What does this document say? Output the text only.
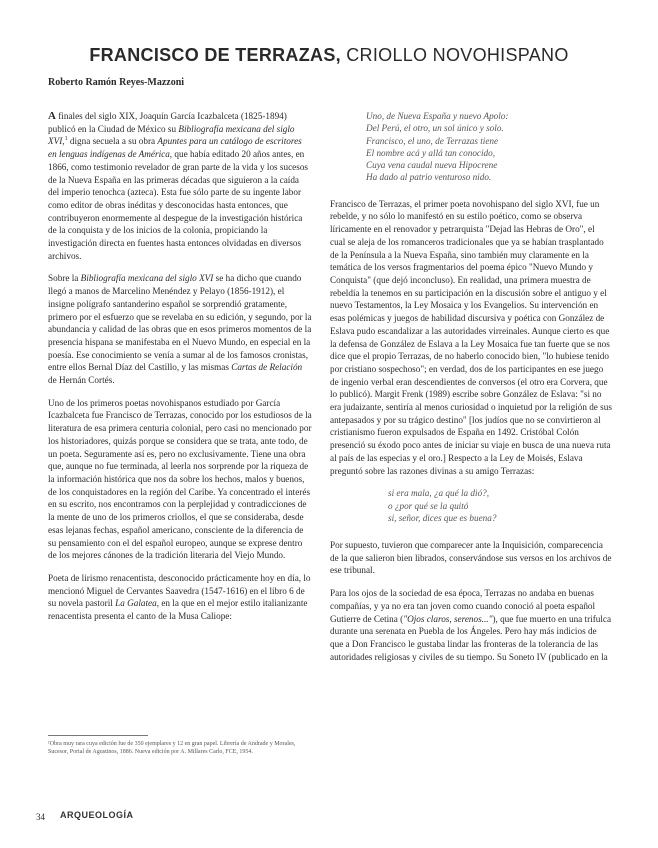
FRANCISCO DE TERRAZAS, CRIOLLO NOVOHISPANO
Roberto Ramón Reyes-Mazzoni

A finales del siglo XIX, Joaquín García Icazbalceta (1825-1894) publicó en la Ciudad de México su Bibliografía mexicana del siglo XVI,$^1$ digna secuela a su obra Apuntes para un catálogo de escritores en lenguas indígenas de América, que había editado 20 años antes, en 1866, como testimonio revelador de gran parte de la vida y los sucesos de la Nueva España en las primeras décadas que siguieron a la caída del imperio tenochca (azteca). Esta fue sólo parte de su ingente labor como editor de obras inéditas y desconocidas hasta entonces, que contribuyeron enormemente al despegue de la investigación histórica de la conquista y de los inicios de la colonia, propiciando la investigación directa en fuentes hasta entonces olvidadas en diversos archivos.

Sobre la Bibliografía mexicana del siglo XVI se ha dicho que cuando llegó a manos de Marcelino Menéndez y Pelayo (1856-1912), el insigne polígrafo santanderino español se sorprendió gratamente, primero por el esfuerzo que se revelaba en su edición, y segundo, por la abundancia y calidad de las obras que en esos primeros momentos de la presencia hispana se manifestaba en el Nuevo Mundo, en especial en la poesía. Ese conocimiento se venía a sumar al de los famosos cronistas, entre ellos Bernal Díaz del Castillo, y las mismas Cartas de Relación de Hernán Cortés.

Uno de los primeros poetas novohispanos estudiado por García Icazbalceta fue Francisco de Terrazas, conocido por los estudiosos de la literatura de esa primera centuria colonial, pero casi no mencionado por los historiadores, quizás porque se considera que se trata, ante todo, de un poeta. Seguramente así es, pero no exclusivamente. Tiene una obra que, aunque no fue terminada, al leerla nos sorprende por la riqueza de la información histórica que nos da sobre los hechos, malos y buenos, de los conquistadores en la región del Caribe. Ya concentrado el interés en su escrito, nos encontramos con la perplejidad y contradicciones de la mente de uno de los primeros criollos, el que se consideraba, desde esas lejanas fechas, español americano, consciente de la diferencia de su pensamiento con el del español europeo, aunque se exprese dentro de los mejores cánones de la tradición literaria del Viejo Mundo.

Poeta de lirismo renacentista, desconocido prácticamente hoy en día, lo mencionó Miguel de Cervantes Saavedra (1547-1616) en el libro 6 de su novela pastoril La Galatea, en la que en el mejor estilo italianizante renacentista presenta el canto de la Musa Caliope:

Uno, de Nueva España y nuevo Apolo:
Del Perú, el otro, un sol único y solo.
Francisco, el uno, de Terrazas tiene
El nombre acá y allá tan conocido,
Cuya vena caudal nueva Hipocrene
Ha dado al patrio venturoso nido.

Francisco de Terrazas, el primer poeta novohispano del siglo XVI, fue un rebelde, y no sólo lo manifestó en su estilo poético, como se observa líricamente en el renovador y petrarquista "Dejad las Hebras de Oro", el cual se aleja de los romanceros tradicionales que ya se habían trasplantado de la Península a la Nueva España, sino también muy claramente en la temática de los versos fragmentarios del poema épico "Nuevo Mundo y Conquista" (que dejó inconcluso). En realidad, una primera muestra de rebeldía la tenemos en su participación en la discusión sobre el antiguo y el nuevo Testamentos, la Ley Mosaica y los Evangelios. Su intervención en esas polémicas y juegos de habilidad discursiva y poética con González de Eslava pudo escandalizar a las autoridades virreinales. Aunque cierto es que la defensa de González de Eslava a la Ley Mosaica fue tan fuerte que se nos dice que el propio Terrazas, de no haberlo conocido bien, "lo hubiese tenido por cristiano sospechoso"; en verdad, dos de los participantes en ese juego de ingenio verbal eran descendientes de conversos (el otro era Corvera, que lo publicó). Margit Frenk (1989) escribe sobre González de Eslava: "si no era judaizante, sentiría al menos curiosidad o inquietud por la religión de sus antepasados y por su trágico destino" [los judíos que no se convirtieron al cristianismo fueron expulsados de España en 1492. Cristóbal Colón presenció su éxodo poco antes de iniciar su viaje en busca de una nueva ruta al país de las especias y el oro.] Respecto a la Ley de Moisés, Eslava preguntó sobre las razones divinas a su amigo Terrazas:

si era mala, ¿a qué la dió?,
o ¿por qué se la quitó
si, señor, dices que es buena?

Por supuesto, tuvieron que comparecer ante la Inquisición, comparecencia de la que salieron bien librados, conservándose sus versos en los archivos de ese tribunal.

Para los ojos de la sociedad de esa época, Terrazas no andaba en buenas compañías, y ya no era tan joven como cuando conoció al poeta español Gutierre de Cetina ("Ojos claros, serenos..."), que fue muerto en una trifulca durante una serenata en Puebla de los Ángeles. Pero hay más indicios de que a Don Francisco le gustaba lindar las fronteras de la tolerancia de las autoridades religiosas y civiles de su tiempo. Su Soneto IV (publicado en la

¹Obra muy rara cuya edición fue de 350 ejemplares y 12 en gran papel. Librería de Andrade y Morales, Sucesor, Portal de Agustinos, 1886. Nueva edición por A. Millares Carlo, FCE, 1954.
34 ARQUEOLOGÍA
